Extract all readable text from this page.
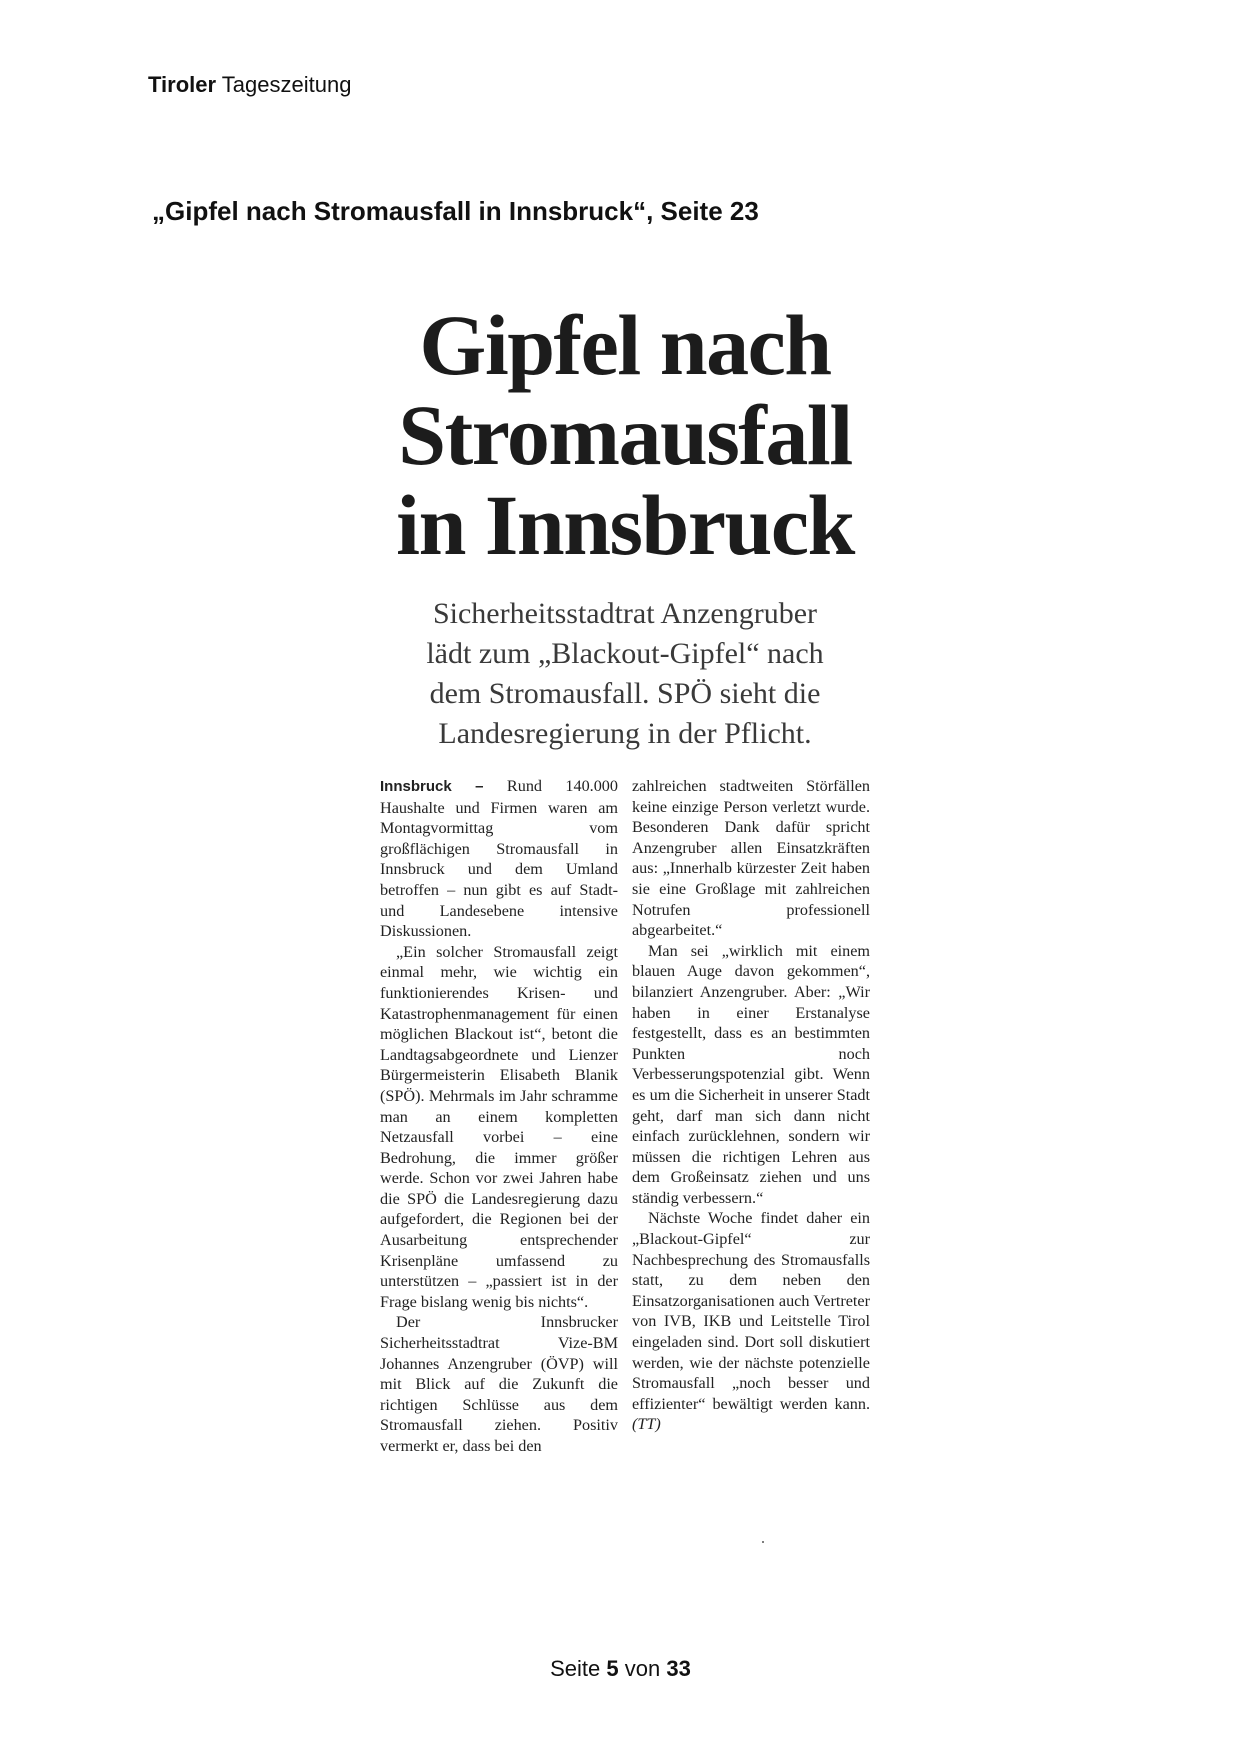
Tiroler Tageszeitung
„Gipfel nach Stromausfall in Innsbruck“, Seite 23
Gipfel nach
Stromausfall
in Innsbruck
Sicherheitsstadtrat Anzengruber
lädt zum „Blackout-Gipfel“ nach
dem Stromausfall. SPÖ sieht die
Landesregierung in der Pflicht.

Innsbruck – Rund 140.000 Haushalte und Firmen waren am Montagvormittag vom großflächigen Stromausfall in Innsbruck und dem Umland betroffen – nun gibt es auf Stadt- und Landesebene intensive Diskussionen.

„Ein solcher Stromausfall zeigt einmal mehr, wie wichtig ein funktionierendes Krisen- und Katastrophenmanagement für einen möglichen Blackout ist“, betont die Landtagsabgeordnete und Lienzer Bürgermeisterin Elisabeth Blanik (SPÖ). Mehrmals im Jahr schramme man an einem kompletten Netzausfall vorbei – eine Bedrohung, die immer größer werde. Schon vor zwei Jahren habe die SPÖ die Landesregierung dazu aufgefordert, die Regionen bei der Ausarbeitung entsprechender Krisenpläne umfassend zu unterstützen – „passiert ist in der Frage bislang wenig bis nichts“.

Der Innsbrucker Sicherheitsstadtrat Vize-BM Johannes Anzengruber (ÖVP) will mit Blick auf die Zukunft die richtigen Schlüsse aus dem Stromausfall ziehen. Positiv vermerkt er, dass bei den

zahlreichen stadtweiten Störfällen keine einzige Person verletzt wurde. Besonderen Dank dafür spricht Anzengruber allen Einsatzkräften aus: „Innerhalb kürzester Zeit haben sie eine Großlage mit zahlreichen Notrufen professionell abgearbeitet.“

Man sei „wirklich mit einem blauen Auge davon gekommen“, bilanziert Anzengruber. Aber: „Wir haben in einer Erstanalyse festgestellt, dass es an bestimmten Punkten noch Verbesserungspotenzial gibt. Wenn es um die Sicherheit in unserer Stadt geht, darf man sich dann nicht einfach zurücklehnen, sondern wir müssen die richtigen Lehren aus dem Großeinsatz ziehen und uns ständig verbessern.“

Nächste Woche findet daher ein „Blackout-Gipfel“ zur Nachbesprechung des Stromausfalls statt, zu dem neben den Einsatzorganisationen auch Vertreter von IVB, IKB und Leitstelle Tirol eingeladen sind. Dort soll diskutiert werden, wie der nächste potenzielle Stromausfall „noch besser und effizienter“ bewältigt werden kann. (TT)

Seite 5 von 33
